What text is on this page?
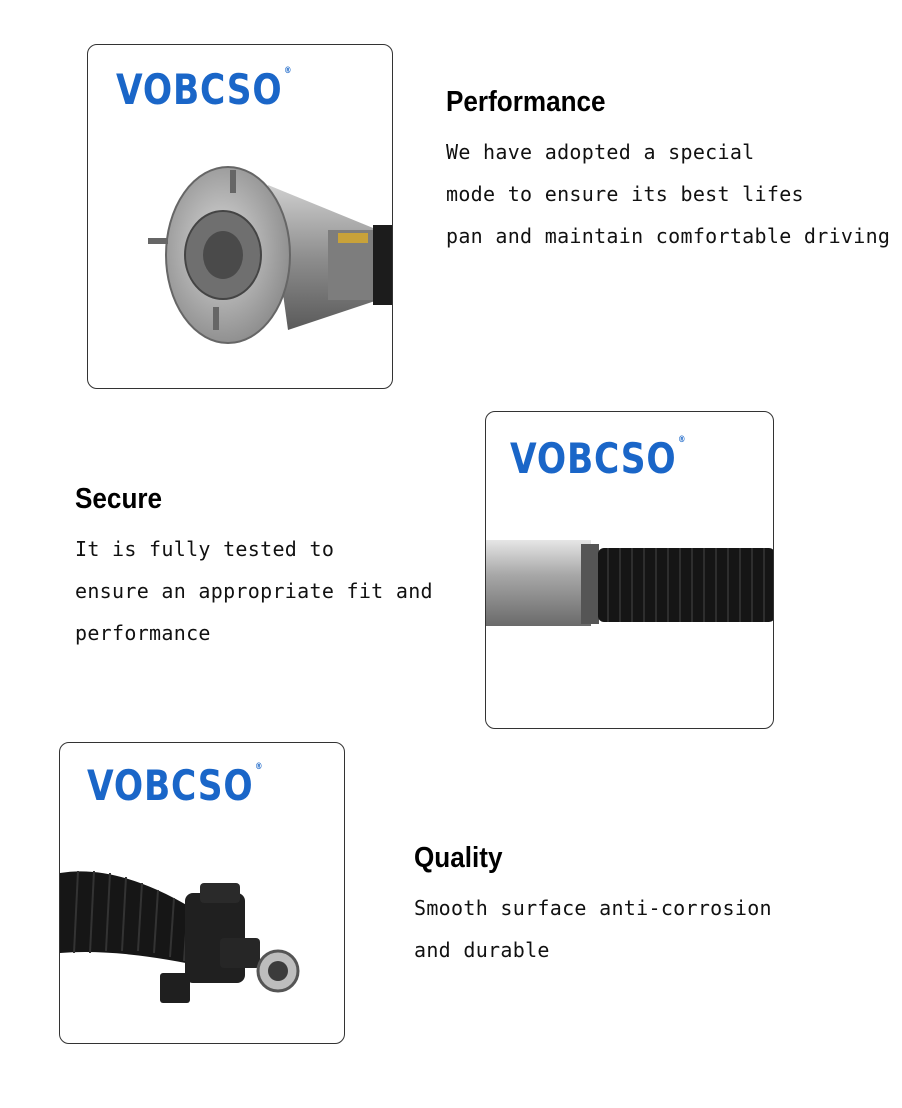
VOBCSO ®
Performance
We have adopted a special
mode to ensure its best lifes
pan and maintain comfortable driving
Secure
It is fully tested to
ensure an appropriate fit and
performance
VOBCSO ®
VOBCSO ®
Quality
Smooth surface anti-corrosion
and durable
